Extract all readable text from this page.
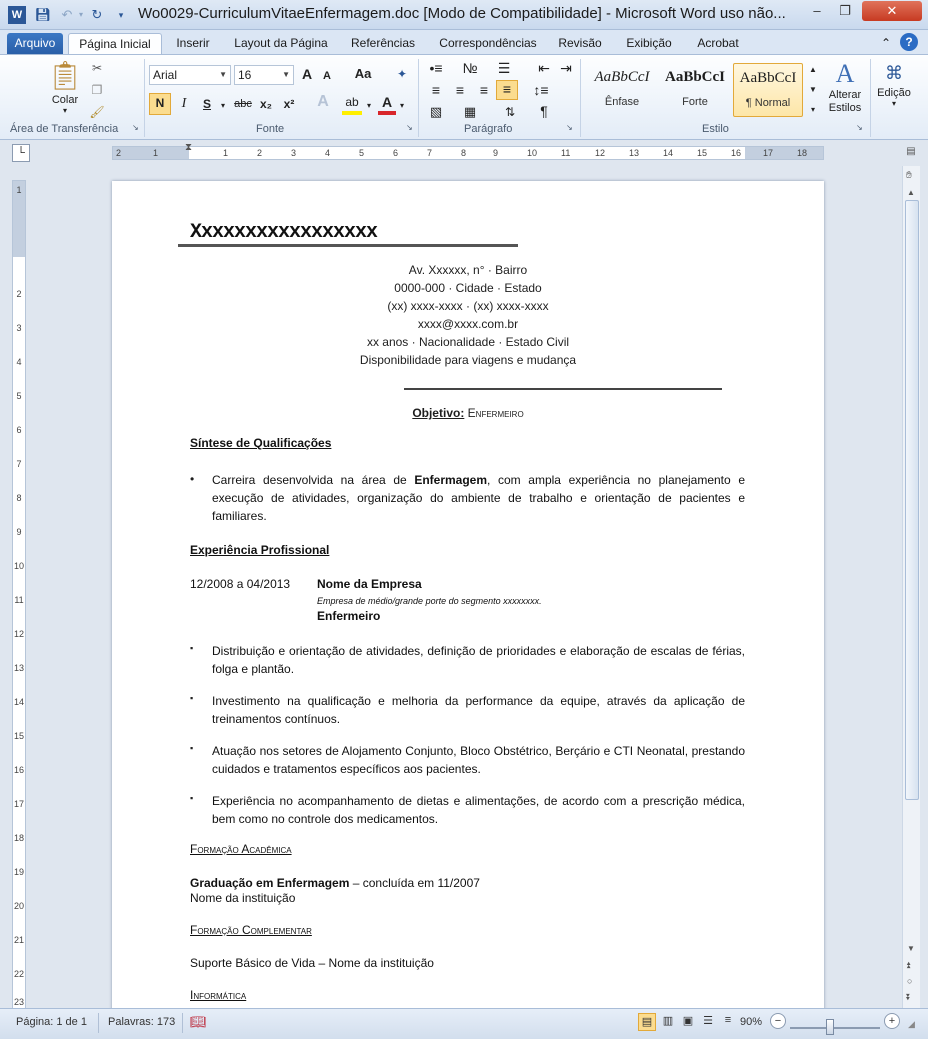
W 💾︎ ↶ ▾ ↻	▾ Wo0029-CurriculumVitaeEnfermagem.doc [Modo de Compatibilidade] - Microsoft Word uso não...	–	❐	✕
Arquivo	Página Inicial	Inserir	Layout da Página	Referências	Correspondências	Revisão	Exibição	Acrobat	⌃	?
📋︎
Colar
▾
✂
❐
🖌︎
Área de Transferência ↘
Arial	▼ 16	▼ A A	Aa	✦
N	I	S	▾ abc x₂ x²	A	ab	▾ A ▾
Fonte	↘
•≡ № ☰ ⇤ ⇥
≡	≡	≡	≡	↕≡
▧ ▦	⇅	¶
Parágrafo	↘
AaBbCcI
Ênfase
AaBbCcI
Forte
AaBbCcI
¶ Normal
▲
▼
▾
A
Alterar Estilos
Estilo	↘
⌘
Edição
▾
└	2	1	⧗	1	2	3	4	5	6	7	8	9	10	11	12	13	14	15	16 17	18	▤
1
2
3
4
5
6
7
8
9
10
11
12
13
14
15
16
17
18
19
20
21
22
23
Xxxxxxxxxxxxxxxxx
Av. Xxxxxx, n° · Bairro
0000-000 · Cidade · Estado
(xx) xxxx-xxxx · (xx) xxxx-xxxx
xxxx@xxxx.com.br
xx anos · Nacionalidade · Estado Civil
Disponibilidade para viagens e mudança
Objetivo: Enfermeiro
Síntese de Qualificações
• Carreira desenvolvida na área de Enfermagem, com ampla experiência no planejamento e execução de atividades, organização do ambiente de trabalho e orientação de pacientes e familiares.
Experiência Profissional
12/2008 a 04/2013 Nome da Empresa
Empresa de médio/grande porte do segmento xxxxxxxx.
Enfermeiro
▪ Distribuição e orientação de atividades, definição de prioridades e elaboração de escalas de férias, folga e plantão.
▪ Investimento na qualificação e melhoria da performance da equipe, através da aplicação de treinamentos contínuos.
▪ Atuação nos setores de Alojamento Conjunto, Bloco Obstétrico, Berçário e CTI Neonatal, prestando cuidados e tratamentos específicos aos pacientes.
▪ Experiência no acompanhamento de dietas e alimentações, de acordo com a prescrição médica, bem como no controle dos medicamentos.
Formação Acadêmica
Graduação em Enfermagem – concluída em 11/2007
Nome da instituição
Formação Complementar
Suporte Básico de Vida – Nome da instituição
Informática
✋︎
▲
▼
⏫︎
○
⏬︎
Página: 1 de 1 Palavras: 173 📖︎	▤ ▥ ▣ ☰	≡ 90%	−	+	◢
